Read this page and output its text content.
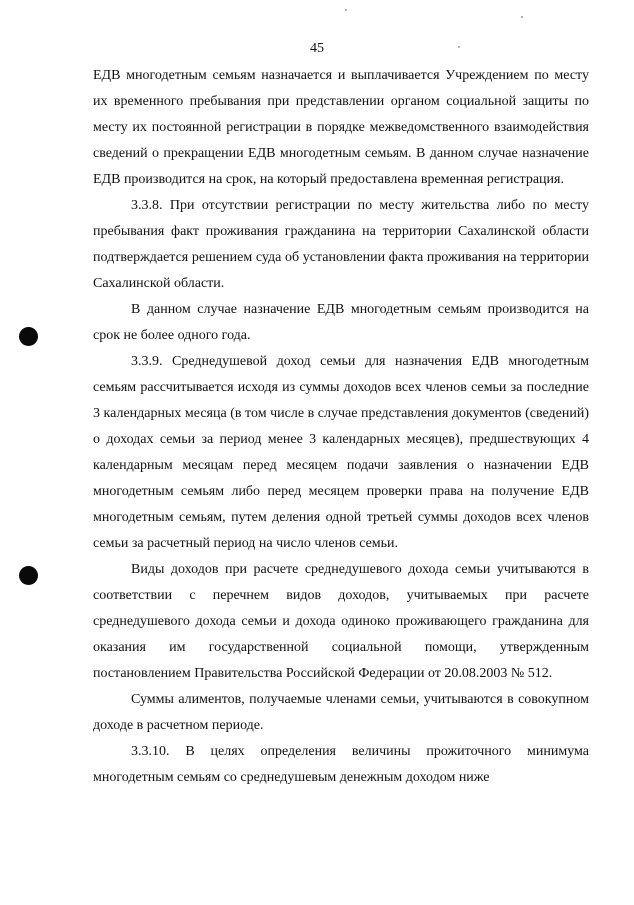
45

ЕДВ многодетным семьям назначается и выплачивается Учреждением по месту их временного пребывания при представлении органом социальной защиты по месту их постоянной регистрации в порядке межведомственного взаимодействия сведений о прекращении ЕДВ многодетным семьям. В данном случае назначение ЕДВ производится на срок, на который предоставлена временная регистрация.

3.3.8. При отсутствии регистрации по месту жительства либо по месту пребывания факт проживания гражданина на территории Сахалинской области подтверждается решением суда об установлении факта проживания на территории Сахалинской области.

В данном случае назначение ЕДВ многодетным семьям производится на срок не более одного года.

3.3.9. Среднедушевой доход семьи для назначения ЕДВ многодетным семьям рассчитывается исходя из суммы доходов всех членов семьи за последние 3 календарных месяца (в том числе в случае представления документов (сведений) о доходах семьи за период менее 3 календарных месяцев), предшествующих 4 календарным месяцам перед месяцем подачи заявления о назначении ЕДВ многодетным семьям либо перед месяцем проверки права на получение ЕДВ многодетным семьям, путем деления одной третьей суммы доходов всех членов семьи за расчетный период на число членов семьи.

Виды доходов при расчете среднедушевого дохода семьи учитываются в соответствии с перечнем видов доходов, учитываемых при расчете среднедушевого дохода семьи и дохода одиноко проживающего гражданина для оказания им государственной социальной помощи, утвержденным постановлением Правительства Российской Федерации от 20.08.2003 № 512.

Суммы алиментов, получаемые членами семьи, учитываются в совокупном доходе в расчетном периоде.

3.3.10. В целях определения величины прожиточного минимума многодетным семьям со среднедушевым денежным доходом ниже
